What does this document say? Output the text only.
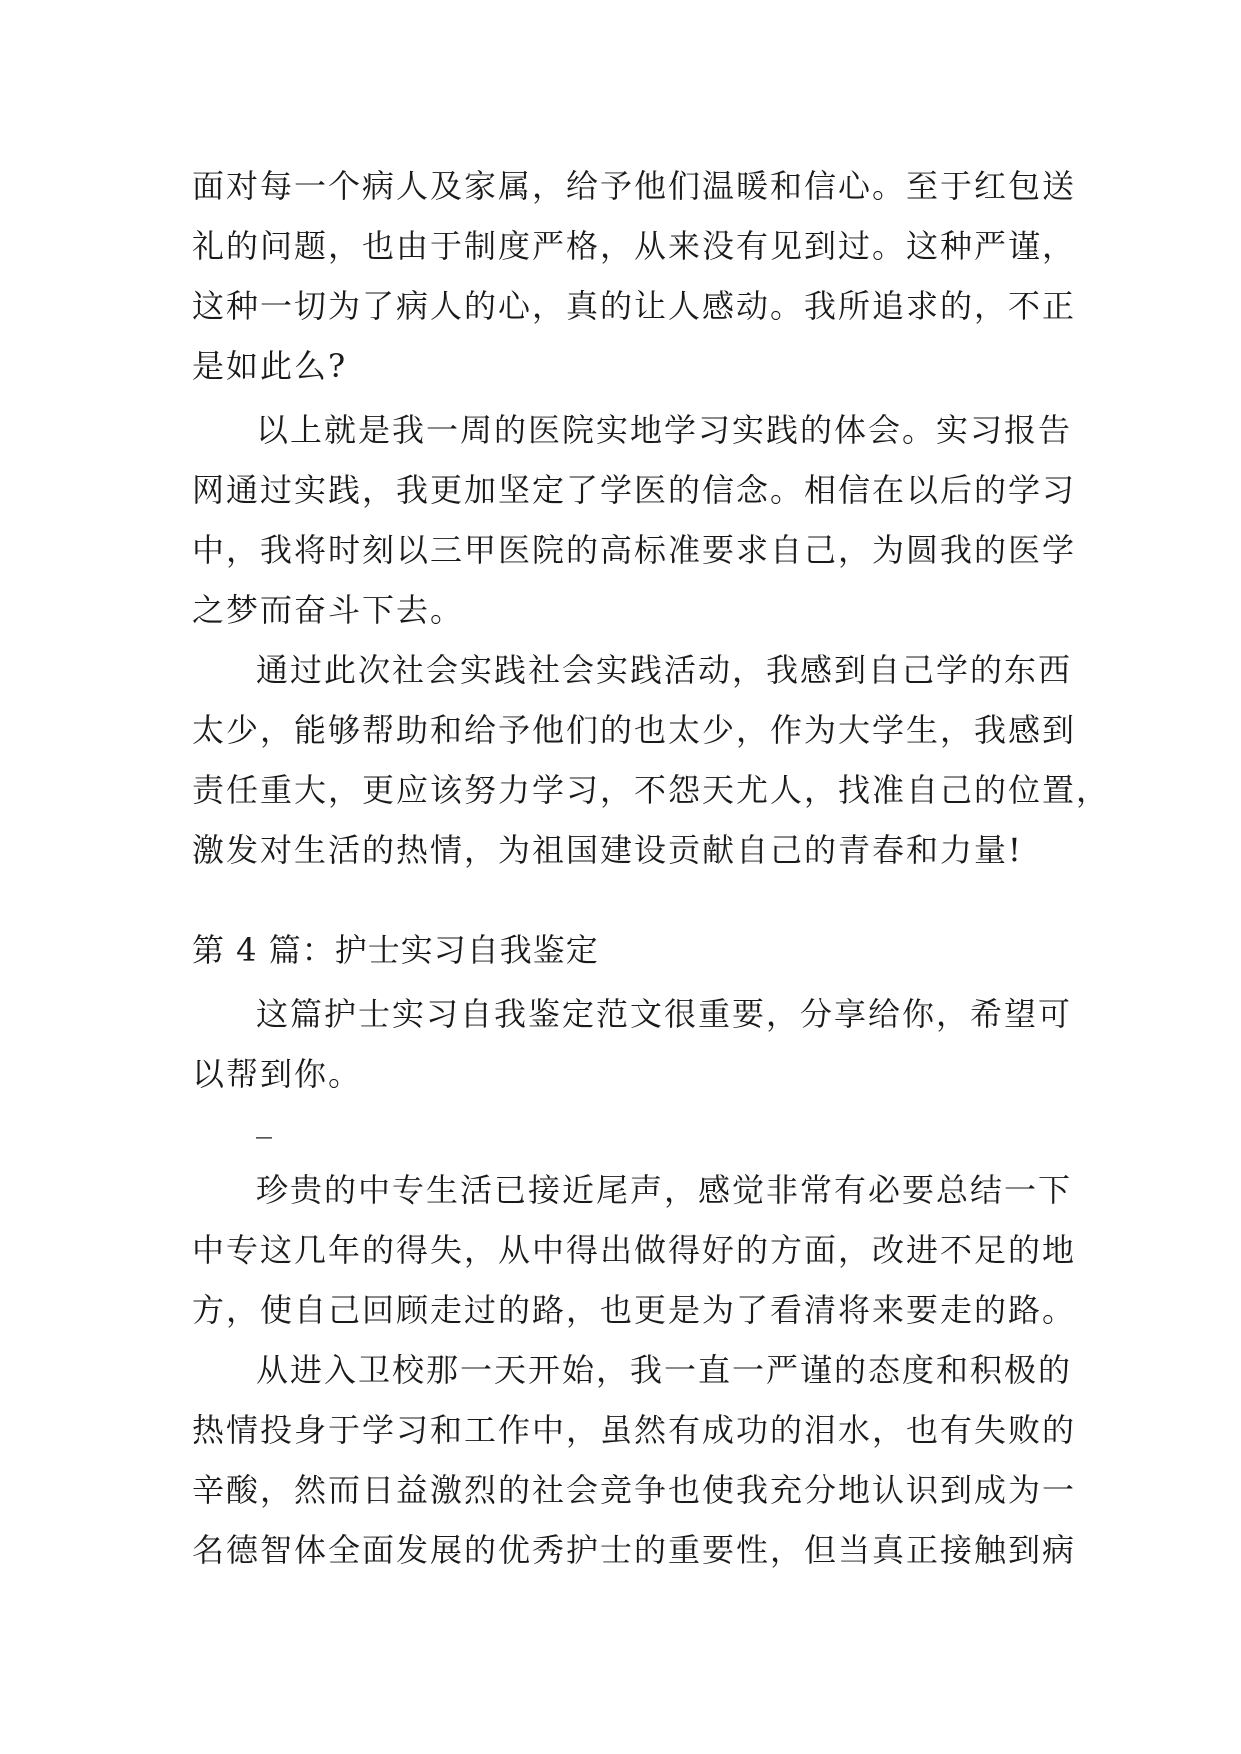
面对每一个病人及家属，给予他们温暖和信心。至于红包送
礼的问题，也由于制度严格，从来没有见到过。这种严谨，
这种一切为了病人的心，真的让人感动。我所追求的，不正
是如此么?
以上就是我一周的医院实地学习实践的体会。实习报告
网通过实践，我更加坚定了学医的信念。相信在以后的学习
中，我将时刻以三甲医院的高标准要求自己，为圆我的医学
之梦而奋斗下去。
通过此次社会实践社会实践活动，我感到自己学的东西
太少，能够帮助和给予他们的也太少，作为大学生，我感到
责任重大，更应该努力学习，不怨天尤人，找准自己的位置，
激发对生活的热情，为祖国建设贡献自己的青春和力量!
第 4 篇：护士实习自我鉴定
这篇护士实习自我鉴定范文很重要，分享给你，希望可
以帮到你。
_
珍贵的中专生活已接近尾声，感觉非常有必要总结一下
中专这几年的得失，从中得出做得好的方面，改进不足的地
方，使自己回顾走过的路，也更是为了看清将来要走的路。
从进入卫校那一天开始，我一直一严谨的态度和积极的
热情投身于学习和工作中，虽然有成功的泪水，也有失败的
辛酸，然而日益激烈的社会竞争也使我充分地认识到成为一
名德智体全面发展的优秀护士的重要性，但当真正接触到病
